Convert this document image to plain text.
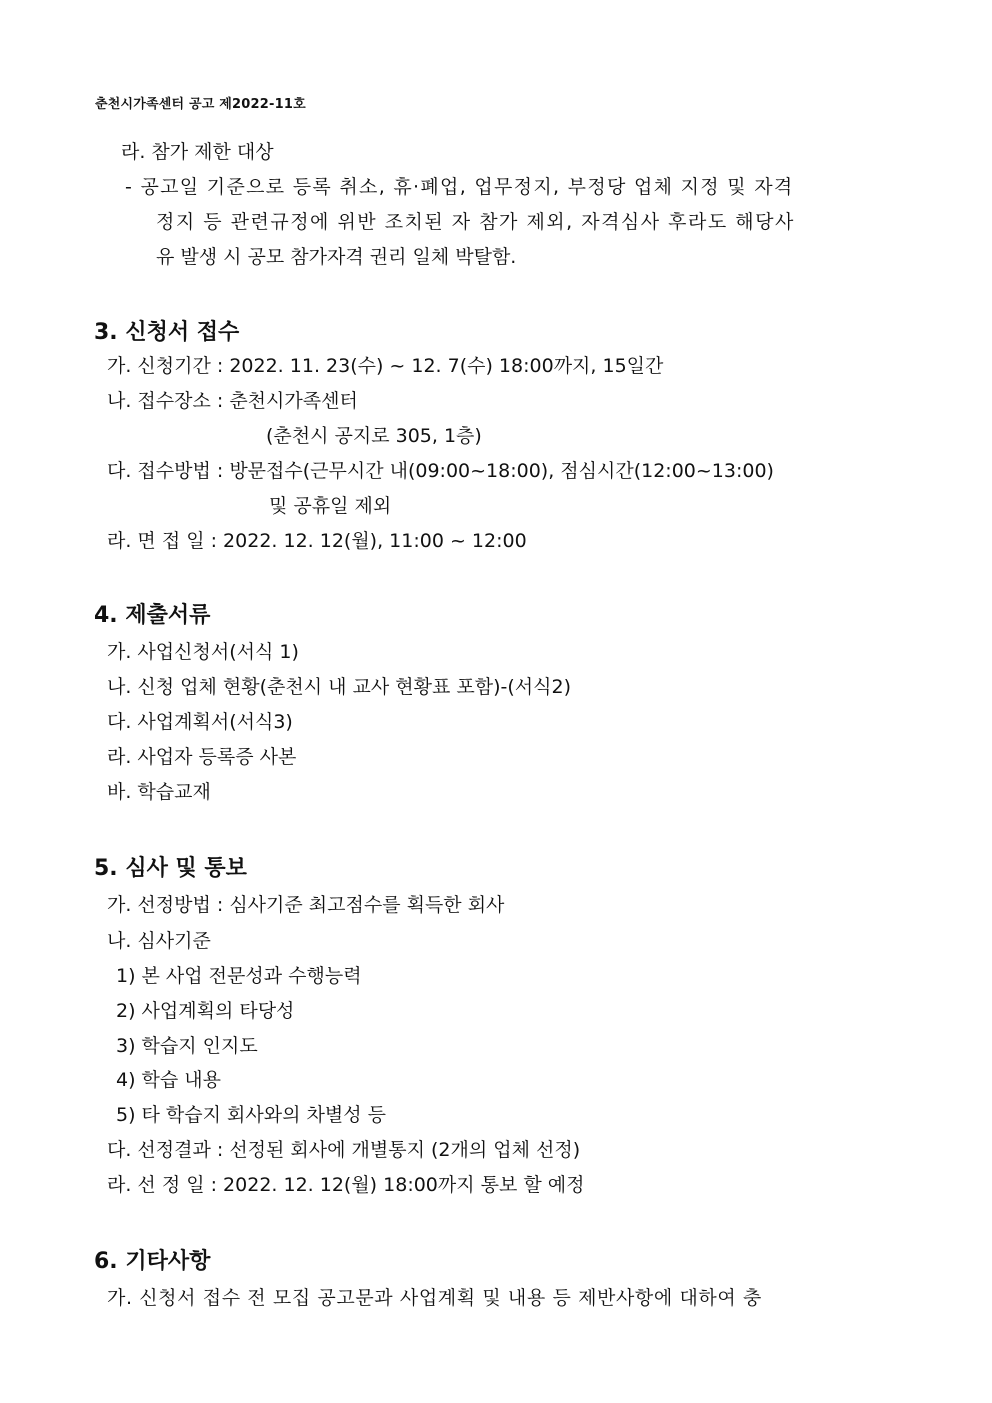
춘천시가족센터 공고 제2022-11호
라. 참가 제한 대상
- 공고일 기준으로 등록 취소, 휴·폐업, 업무정지, 부정당 업체 지정 및 자격
정지 등 관련규정에 위반 조치된 자 참가 제외, 자격심사 후라도 해당사
유 발생 시 공모 참가자격 권리 일체 박탈함.
3. 신청서 접수
가. 신청기간 : 2022. 11. 23(수) ~ 12. 7(수) 18:00까지, 15일간
나. 접수장소 : 춘천시가족센터
(춘천시 공지로 305, 1층)
다. 접수방법 : 방문접수(근무시간 내(09:00~18:00), 점심시간(12:00~13:00)
및 공휴일 제외
라. 면 접 일 : 2022. 12. 12(월), 11:00 ~ 12:00
4. 제출서류
가. 사업신청서(서식 1)
나. 신청 업체 현황(춘천시 내 교사 현황표 포함)-(서식2)
다. 사업계획서(서식3)
라. 사업자 등록증 사본
바. 학습교재
5. 심사 및 통보
가. 선정방법 : 심사기준 최고점수를 획득한 회사
나. 심사기준
1) 본 사업 전문성과 수행능력
2) 사업계획의 타당성
3) 학습지 인지도
4) 학습 내용
5) 타 학습지 회사와의 차별성 등
다. 선정결과 : 선정된 회사에 개별통지 (2개의 업체 선정)
라. 선 정 일 : 2022. 12. 12(월) 18:00까지 통보 할 예정
6. 기타사항
가. 신청서 접수 전 모집 공고문과 사업계획 및 내용 등 제반사항에 대하여 충
